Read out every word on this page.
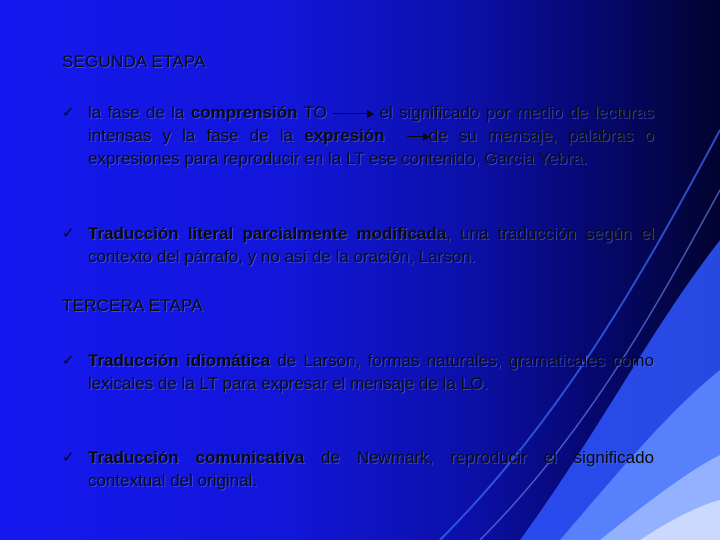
SEGUNDA ETAPA
✓ la fase de la comprensión TO
el significado por medio de lecturas intensas y la fase de la expresión	de su mensaje, palabras o expresiones para reproducir en la LT ese contenido, Garcia Yebra.
✓ Traducción literal parcialmente modificada, una traducción según el contexto del párrafo, y no así de la oración, Larson.
TERCERA ETAPA
✓ Traducción idiomática de Larson, formas naturales, gramaticales como lexicales de la LT para expresar el mensaje de la LO.
✓ Traducción comunicativa de Newmark, reproducir el significado contextual del original.
